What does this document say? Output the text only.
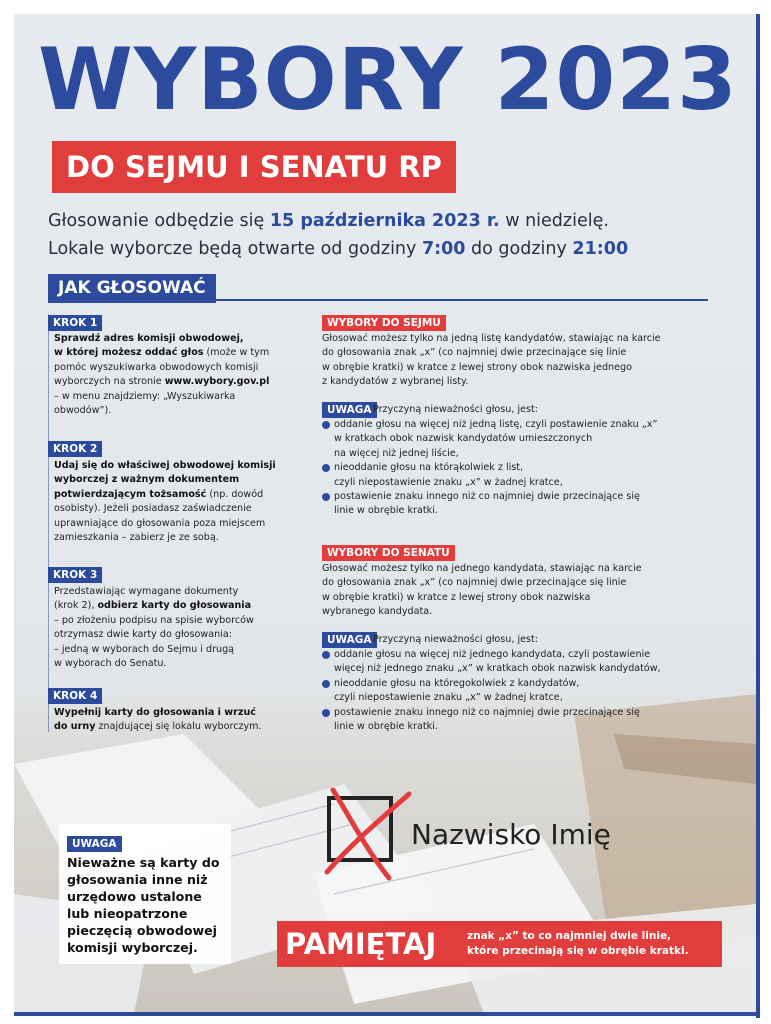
WYBORY 2023
DO SEJMU I SENATU RP
Głosowanie odbędzie się 15 października 2023 r. w niedzielę.
Lokale wyborcze będą otwarte od godziny 7:00 do godziny 21:00
JAK GŁOSOWAĆ
KROK 1
Sprawdź adres komisji obwodowej,
w której możesz oddać głos (może w tym
pomóc wyszukiwarka obwodowych komisji
wyborczych na stronie www.wybory.gov.pl
– w menu znajdziemy: „Wyszukiwarka
obwodów”).
KROK 2
Udaj się do właściwej obwodowej komisji
wyborczej z ważnym dokumentem
potwierdzającym tożsamość (np. dowód
osobisty). Jeżeli posiadasz zaświadczenie
uprawniające do głosowania poza miejscem
zamieszkania – zabierz je ze sobą.
KROK 3
Przedstawiając wymagane dokumenty
(krok 2), odbierz karty do głosowania
– po złożeniu podpisu na spisie wyborców
otrzymasz dwie karty do głosowania:
– jedną w wyborach do Sejmu i drugą
w wyborach do Senatu.
KROK 4
Wypełnij karty do głosowania i wrzuć
do urny znajdującej się lokalu wyborczym.
WYBORY DO SEJMU
Głosować możesz tylko na jedną listę kandydatów, stawiając na karcie
do głosowania znak „x” (co najmniej dwie przecinające się linie
w obrębie kratki) w kratce z lewej strony obok nazwiska jednego
z kandydatów z wybranej listy.
UWAGA Przyczyną nieważności głosu, jest:
oddanie głosu na więcej niż jedną listę, czyli postawienie znaku „x”
w kratkach obok nazwisk kandydatów umieszczonych
na więcej niż jednej liście,
nieoddanie głosu na którąkolwiek z list,
czyli niepostawienie znaku „x” w żadnej kratce,
postawienie znaku innego niż co najmniej dwie przecinające się
linie w obrębie kratki.
WYBORY DO SENATU
Głosować możesz tylko na jednego kandydata, stawiając na karcie
do głosowania znak „x” (co najmniej dwie przecinające się linie
w obrębie kratki) w kratce z lewej strony obok nazwiska
wybranego kandydata.
UWAGA Przyczyną nieważności głosu, jest:
oddanie głosu na więcej niż jednego kandydata, czyli postawienie
więcej niż jednego znaku „x” w kratkach obok nazwisk kandydatów,
nieoddanie głosu na któregokolwiek z kandydatów,
czyli niepostawienie znaku „x” w żadnej kratce,
postawienie znaku innego niż co najmniej dwie przecinające się
linie w obrębie kratki.
Nazwisko Imię
UWAGA
Nieważne są karty do głosowania inne niż urzędowo ustalone lub nieopatrzone pieczęcią obwodowej komisji wyborczej.	PAMIĘTAJ	znak „x” to co najmniej dwie linie,
które przecinają się w obrębie kratki.
